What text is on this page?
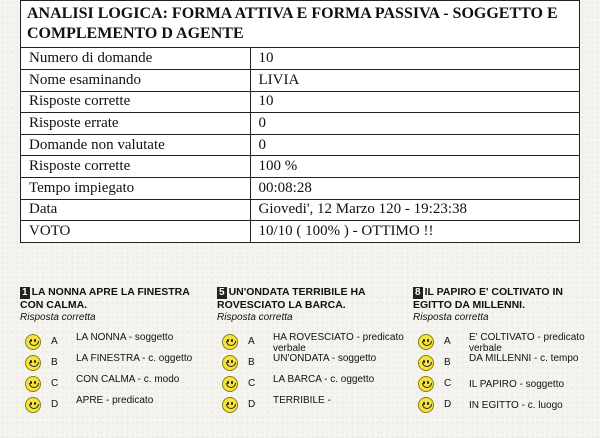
ANALISI LOGICA: FORMA ATTIVA E FORMA PASSIVA - SOGGETTO E COMPLEMENTO D AGENTE
Numero di domande	10
Nome esaminando	LIVIA
Risposte corrette	10
Risposte errate	0
Domande non valutate	0
Risposte corrette	100 %
Tempo impiegato	00:08:28
Data	Giovedi', 12 Marzo 120 - 19:23:38
VOTO	10/10 ( 100% ) - OTTIMO !!
1 LA NONNA APRE LA FINESTRA CON CALMA.
Risposta corretta
A LA NONNA - soggetto
B LA FINESTRA - c. oggetto
C CON CALMA - c. modo
D APRE - predicato
5 UN'ONDATA TERRIBILE HA ROVESCIATO LA BARCA.
Risposta corretta
A HA ROVESCIATO - predicato verbale
B UN'ONDATA - soggetto
C LA BARCA - c. oggetto
D TERRIBILE -
8 IL PAPIRO E' COLTIVATO IN EGITTO DA MILLENNI.
Risposta corretta
A E' COLTIVATO - predicato verbale
B DA MILLENNI - c. tempo
C IL PAPIRO - soggetto
D IN EGITTO - c. luogo
